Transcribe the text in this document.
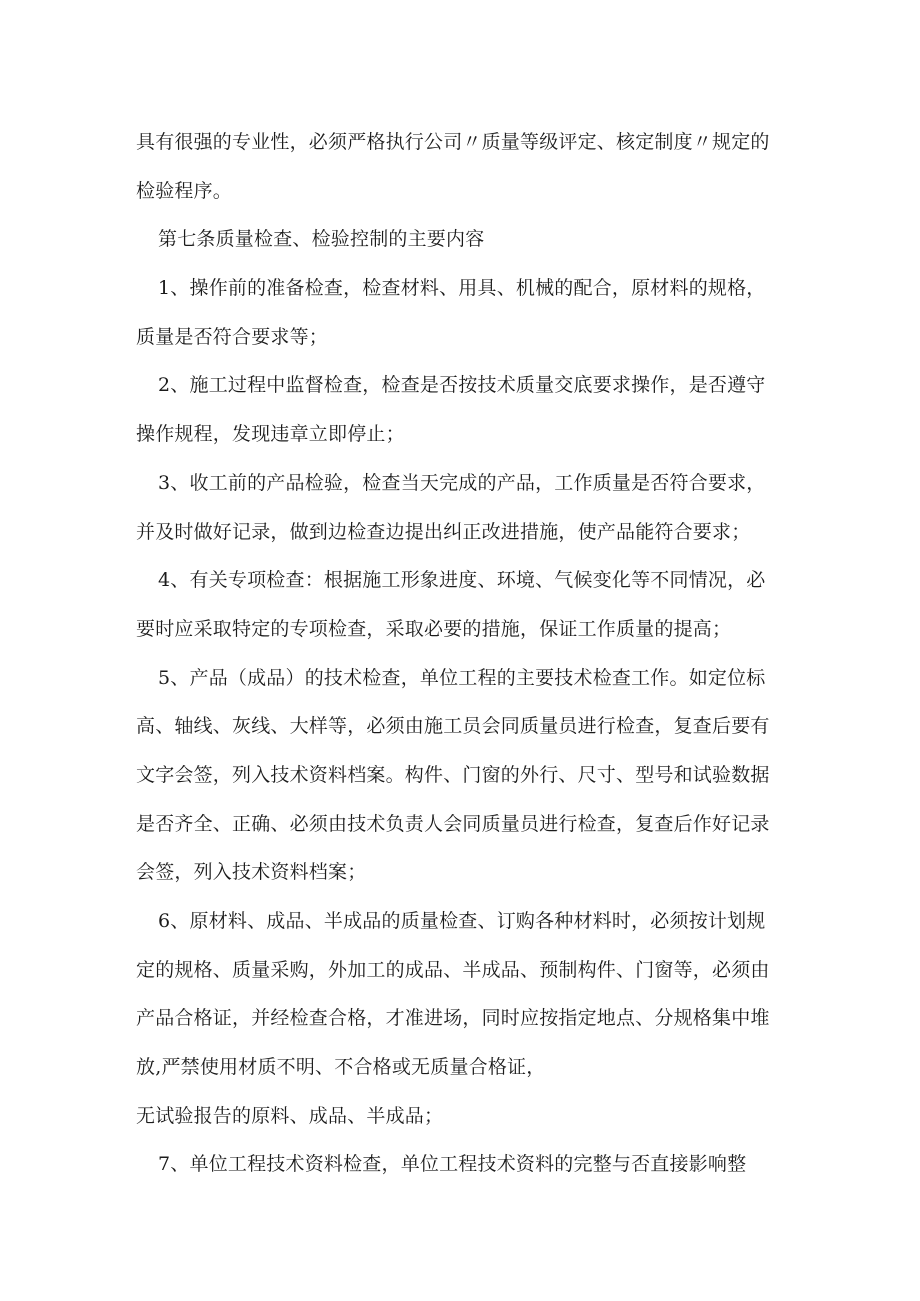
具有很强的专业性，必须严格执行公司〃质量等级评定、核定制度〃规定的
检验程序。
第七条质量检查、检验控制的主要内容
1、操作前的准备检查，检查材料、用具、机械的配合，原材料的规格，
质量是否符合要求等；
2、施工过程中监督检查，检查是否按技术质量交底要求操作，是否遵守
操作规程，发现违章立即停止；
3、收工前的产品检验，检查当天完成的产品，工作质量是否符合要求，
并及时做好记录，做到边检查边提出纠正改进措施，使产品能符合要求；
4、有关专项检查：根据施工形象进度、环境、气候变化等不同情况，必
要时应采取特定的专项检查，采取必要的措施，保证工作质量的提高；
5、产品（成品）的技术检查，单位工程的主要技术检查工作。如定位标
高、轴线、灰线、大样等，必须由施工员会同质量员进行检查，复查后要有
文字会签，列入技术资料档案。构件、门窗的外行、尺寸、型号和试验数据
是否齐全、正确、必须由技术负责人会同质量员进行检查，复查后作好记录
会签，列入技术资料档案；
6、原材料、成品、半成品的质量检查、订购各种材料时，必须按计划规
定的规格、质量采购，外加工的成品、半成品、预制构件、门窗等，必须由
产品合格证，并经检查合格，才准进场，同时应按指定地点、分规格集中堆
放,严禁使用材质不明、不合格或无质量合格证，
无试验报告的原料、成品、半成品；
7、单位工程技术资料检查，单位工程技术资料的完整与否直接影响整
